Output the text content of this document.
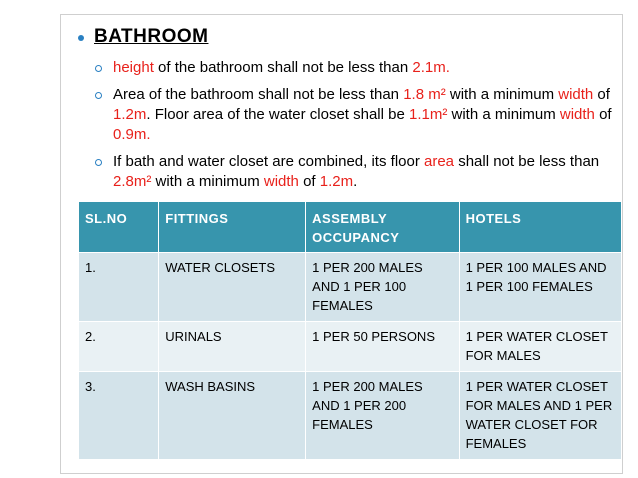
BATHROOM
height of the bathroom shall not be less than 2.1m.
Area of the bathroom shall not be less than 1.8 m² with a minimum width of 1.2m. Floor area of the water closet shall be 1.1m² with a minimum width of 0.9m.
If bath and water closet are combined, its floor area shall not be less than 2.8m² with a minimum width of 1.2m.
SL.NO	FITTINGS	ASSEMBLY OCCUPANCY	HOTELS
1.	WATER CLOSETS	1 PER 200 MALES AND 1 PER 100 FEMALES	1 PER 100 MALES AND 1 PER 100 FEMALES
2.	URINALS	1 PER 50 PERSONS	1 PER WATER CLOSET FOR MALES
3.	WASH BASINS	1 PER 200 MALES AND 1 PER 200 FEMALES	1 PER WATER CLOSET FOR MALES AND 1 PER WATER CLOSET FOR FEMALES
